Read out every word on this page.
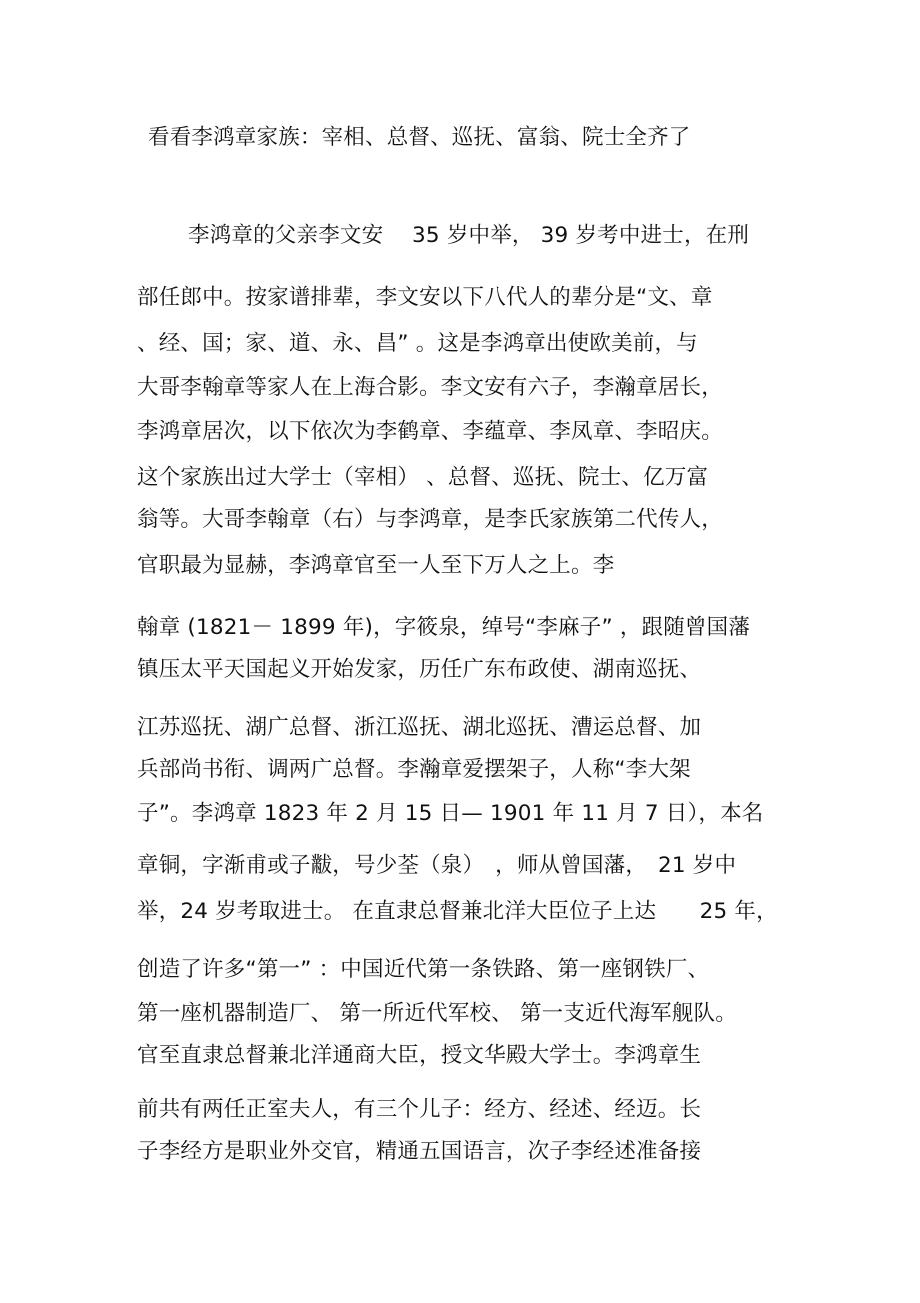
看看李鸿章家族：宰相、总督、巡抚、富翁、院士全齐了
李鸿章的父亲李文安　 35 岁中举， 39 岁考中进士，在刑
部任郎中。按家谱排辈，李文安以下八代人的辈分是“文、章
、经、国；家、道、永、昌” 。这是李鸿章出使欧美前，与
大哥李翰章等家人在上海合影。李文安有六子，李瀚章居长，
李鸿章居次，以下依次为李鹤章、李蕴章、李凤章、李昭庆。
这个家族出过大学士（宰相） 、总督、巡抚、院士、亿万富
翁等。大哥李翰章（右）与李鸿章，是李氏家族第二代传人，
官职最为显赫，李鸿章官至一人至下万人之上。李
翰章 (1821－ 1899 年)，字筱泉，绰号“李麻子” ，跟随曾国藩
镇压太平天国起义开始发家，历任广东布政使、湖南巡抚、
江苏巡抚、湖广总督、浙江巡抚、湖北巡抚、漕运总督、加
兵部尚书衔、调两广总督。李瀚章爱摆架子，人称“李大架
子”。李鸿章 1823 年 2 月 15 日— 1901 年 11 月 7 日），本名
章铜，字渐甫或子黻，号少荃（泉）　，师从曾国藩，　21 岁中
举，24 岁考取进士。 在直隶总督兼北洋大臣位子上达　　25 年，
创造了许多“第一” ：中国近代第一条铁路、第一座钢铁厂、
第一座机器制造厂、 第一所近代军校、 第一支近代海军舰队。
官至直隶总督兼北洋通商大臣，授文华殿大学士。李鸿章生
前共有两任正室夫人，有三个儿子：经方、经述、经迈。长
子李经方是职业外交官，精通五国语言，次子李经述准备接
